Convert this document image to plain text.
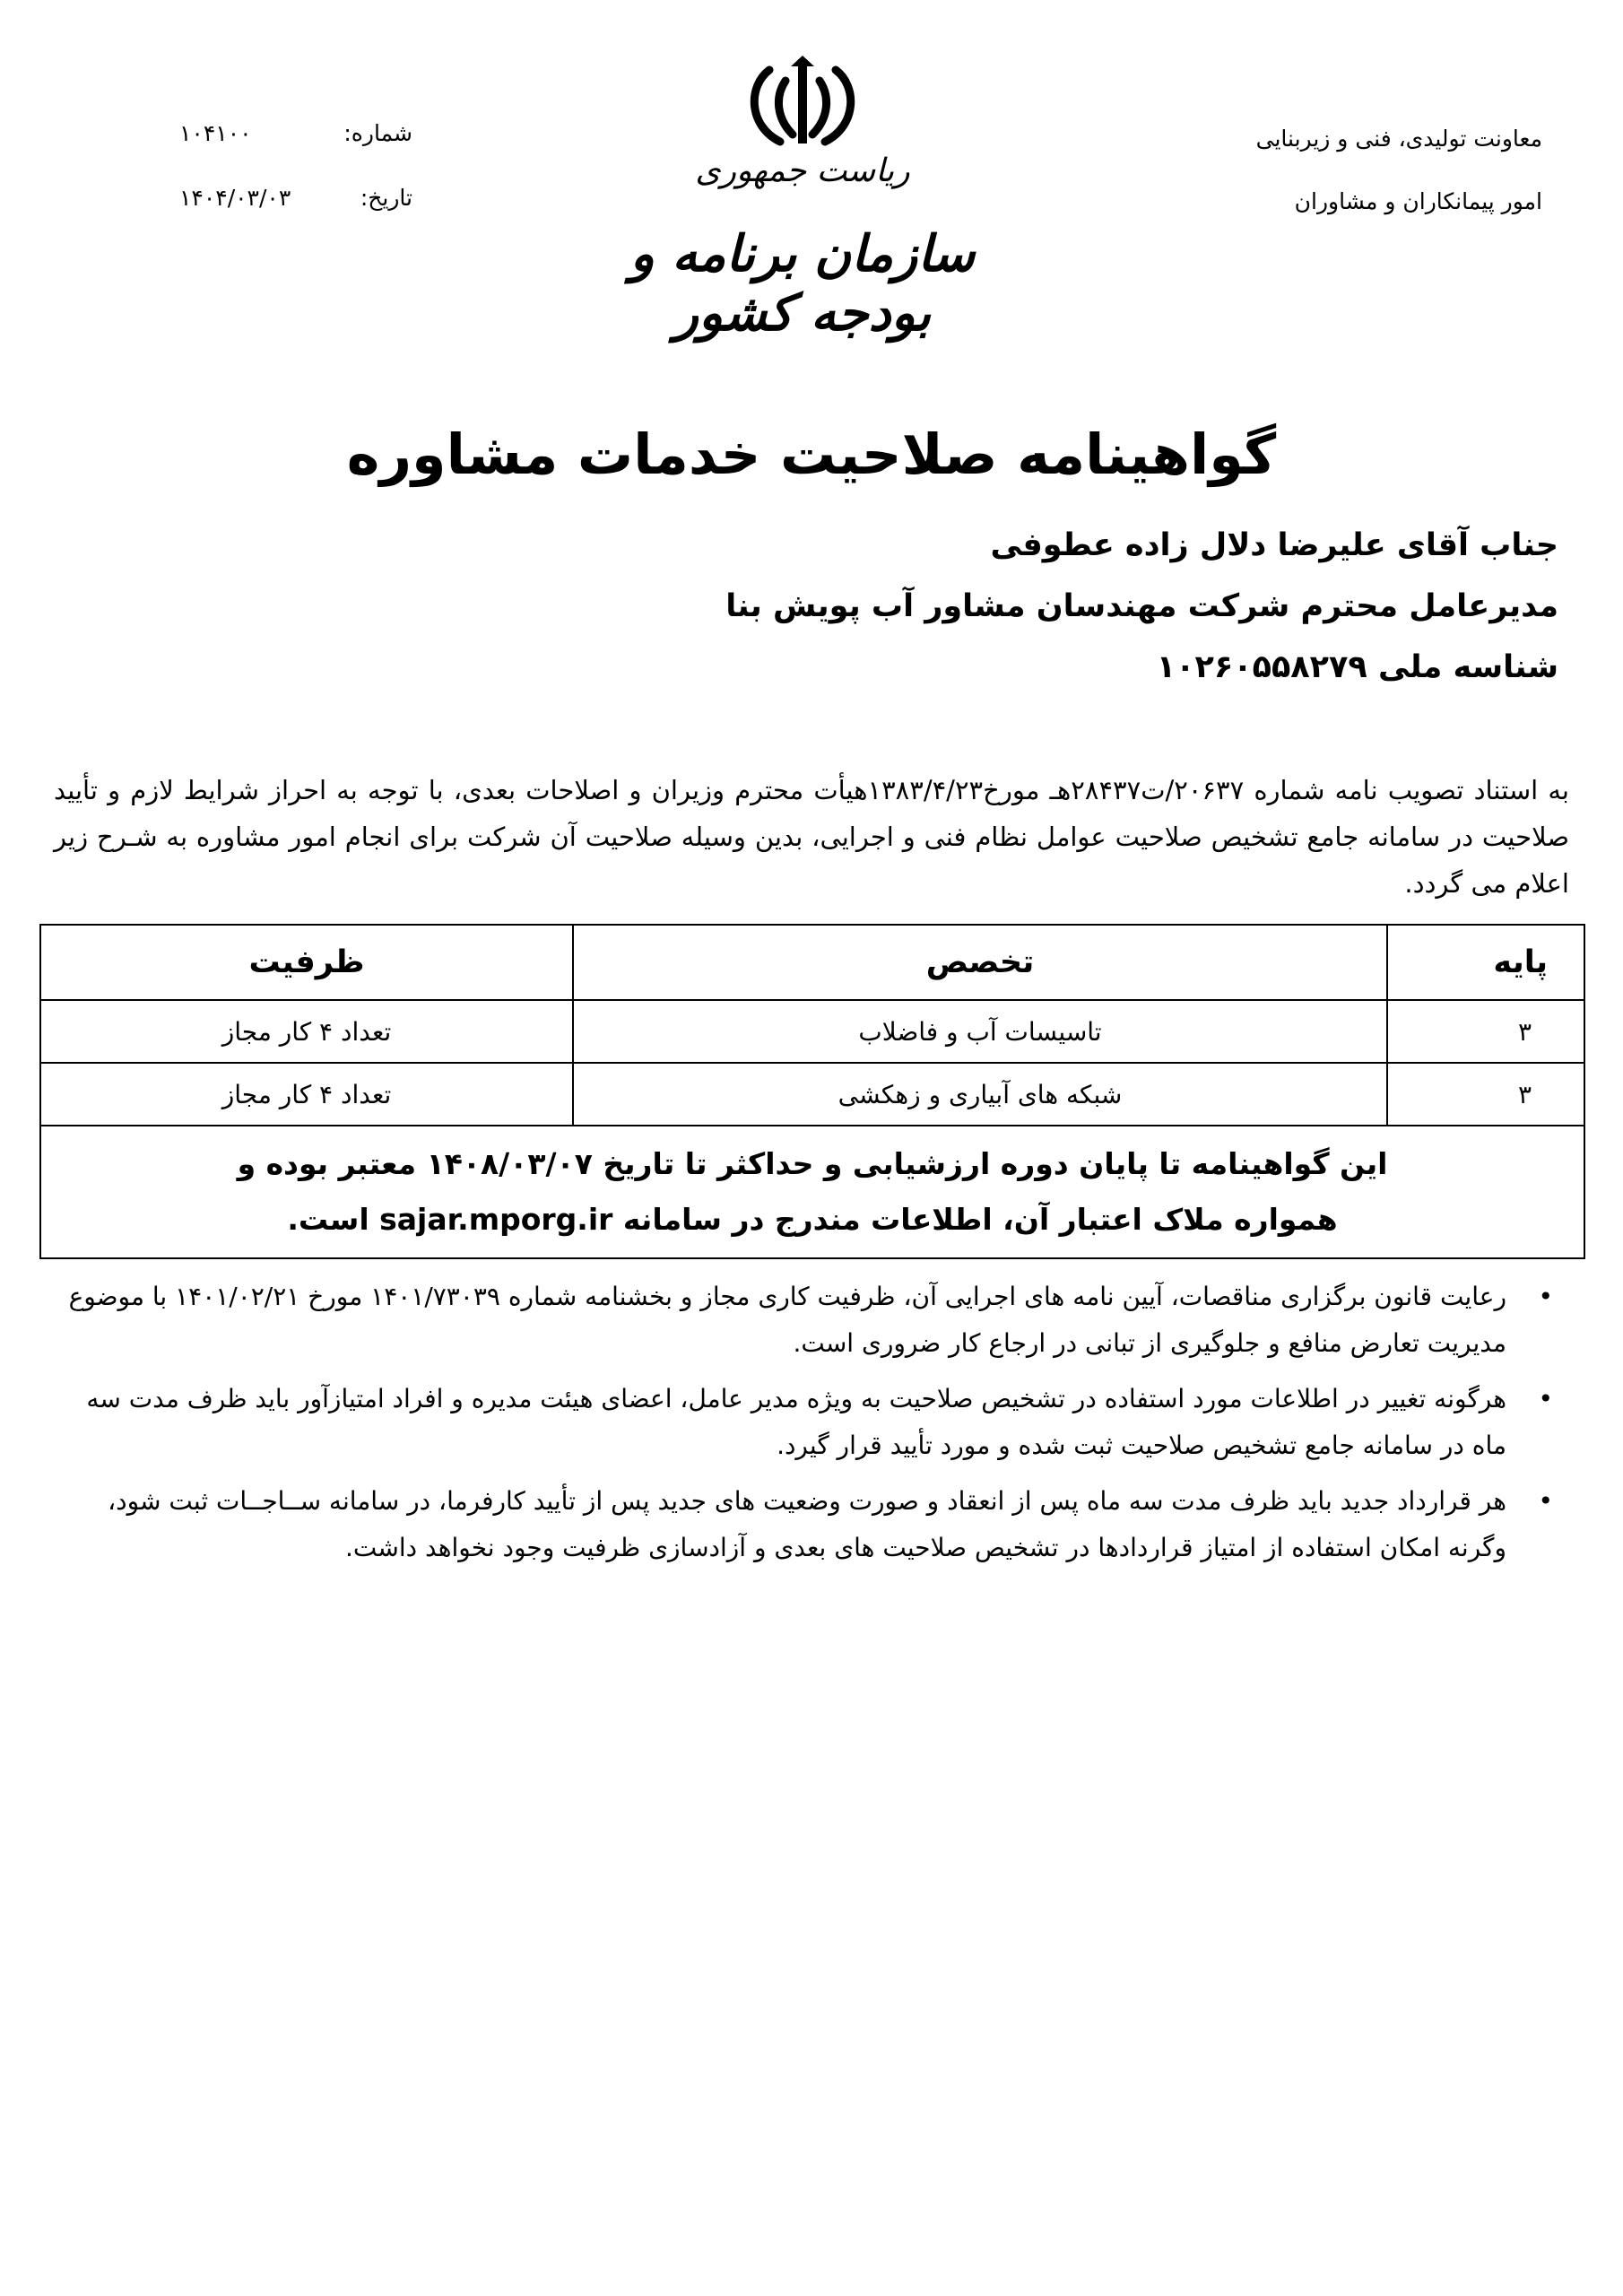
معاونت تولیدی، فنی و زیربنایی
امور پیمانکاران و مشاوران
شماره:
۱۰۴۱۰۰
تاریخ:
۱۴۰۴/۰۳/۰۳
ریاست جمهوری
سازمان برنامه و بودجه کشور
گواهینامه صلاحیت خدمات مشاوره
جناب آقای علیرضا دلال زاده عطوفی
مدیرعامل محترم شرکت مهندسان مشاور آب پویش بنا
شناسه ملی ۱۰۲۶۰۵۵۸۲۷۹
به استناد تصویب نامه شماره ۲۰۶۳۷/ت۲۸۴۳۷هـ مورخ۱۳۸۳/۴/۲۳هیأت محترم وزیران و اصلاحات بعدی، با توجه به احراز شرایط لازم و تأیید صلاحیت در سامانه جامع تشخیص صلاحیت عوامل نظام فنی و اجرایی، بدین وسیله صلاحیت آن شرکت برای انجام امور مشاوره به شـرح زیر اعلام می گردد.
پایه	تخصص	ظرفیت
۳	تاسیسات آب و فاضلاب	تعداد ۴ کار مجاز
۳	شبکه های آبیاری و زهکشی	تعداد ۴ کار مجاز

این گواهینامه تا پایان دوره ارزشیابی و حداکثر تا تاریخ ۱۴۰۸/۰۳/۰۷ معتبر بوده و
همواره ملاک اعتبار آن، اطلاعات مندرج در سامانه sajar.mporg.ir است.		
•
رعایت قانون برگزاری مناقصات، آیین نامه های اجرایی آن، ظرفیت کاری مجاز و بخشنامه شماره ۱۴۰۱/۷۳۰۳۹ مورخ ۱۴۰۱/۰۲/۲۱ با موضوع مدیریت تعارض منافع و جلوگیری از تبانی در ارجاع کار ضروری است.
•
هرگونه تغییر در اطلاعات مورد استفاده در تشخیص صلاحیت به ویژه مدیر عامل، اعضای هیئت مدیره و افراد امتیازآور باید ظرف مدت سه ماه در سامانه جامع تشخیص صلاحیت ثبت شده و مورد تأیید قرار گیرد.
•
هر قرارداد جدید باید ظرف مدت سه ماه پس از انعقاد و صورت وضعیت های جدید پس از تأیید کارفرما، در سامانه ســاجــات ثبت شود، وگرنه امکان استفاده از امتیاز قراردادها در تشخیص صلاحیت های بعدی و آزادسازی ظرفیت وجود نخواهد داشت.
